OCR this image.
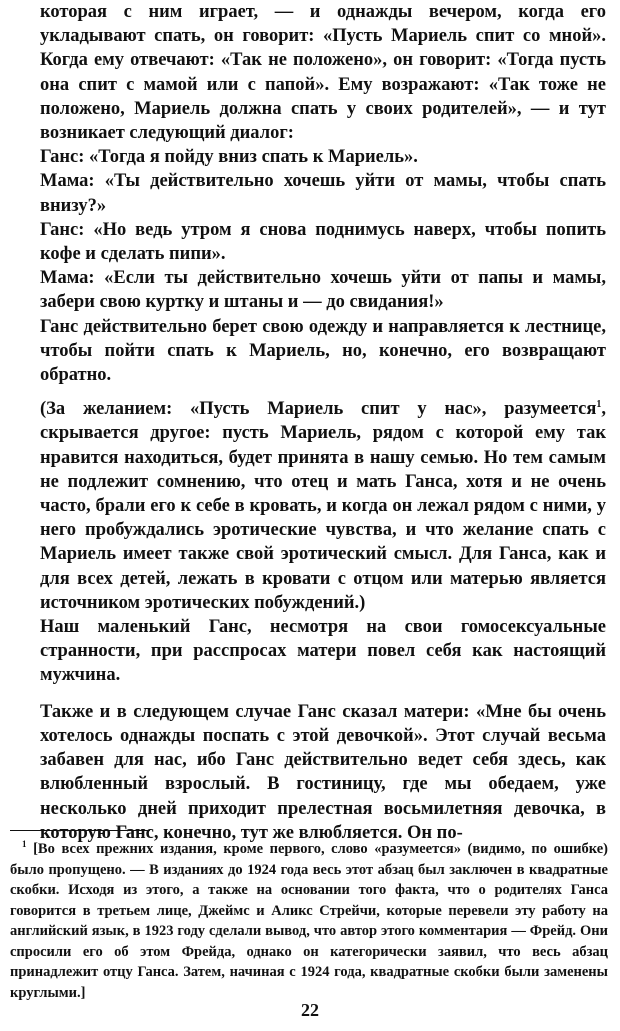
которая с ним играет, — и однажды вечером, когда его укладывают спать, он говорит: «Пусть Мариель спит со мной». Когда ему отвечают: «Так не положено», он говорит: «Тогда пусть она спит с мамой или с папой». Ему возражают: «Так тоже не положено, Мариель должна спать у своих родителей», — и тут возникает следующий диалог:

Ганс: «Тогда я пойду вниз спать к Мариель».

Мама: «Ты действительно хочешь уйти от мамы, чтобы спать внизу?»

Ганс: «Но ведь утром я снова поднимусь наверх, чтобы попить кофе и сделать пипи».

Мама: «Если ты действительно хочешь уйти от папы и мамы, забери свою куртку и штаны и — до свидания!»

Ганс действительно берет свою одежду и направляется к лестнице, чтобы пойти спать к Мариель, но, конечно, его возвращают обратно.

(За желанием: «Пусть Мариель спит у нас», разумеется$^1$, скрывается другое: пусть Мариель, рядом с которой ему так нравится находиться, будет принята в нашу семью. Но тем самым не подлежит сомнению, что отец и мать Ганса, хотя и не очень часто, брали его к себе в кровать, и когда он лежал рядом с ними, у него пробуждались эротические чувства, и что желание спать с Мариель имеет также свой эротический смысл. Для Ганса, как и для всех детей, лежать в кровати с отцом или матерью является источником эротических побуждений.)

Наш маленький Ганс, несмотря на свои гомосексуальные странности, при расспросах матери повел себя как настоящий мужчина.

Также и в следующем случае Ганс сказал матери: «Мне бы очень хотелось однажды поспать с этой девочкой». Этот случай весьма забавен для нас, ибо Ганс действительно ведет себя здесь, как влюбленный взрослый. В гостиницу, где мы обедаем, уже несколько дней приходит прелестная восьмилетняя девочка, в которую Ганс, конечно, тут же влюбляется. Он по-

$^1$ [Во всех прежних издания, кроме первого, слово «разумеется» (видимо, по ошибке) было пропущено. — В изданиях до 1924 года весь этот абзац был заключен в квадратные скобки. Исходя из этого, а также на основании того факта, что о родителях Ганса говорится в третьем лице, Джеймс и Аликс Стрейчи, которые перевели эту работу на английский язык, в 1923 году сделали вывод, что автор этого комментария — Фрейд. Они спросили его об этом Фрейда, однако он категорически заявил, что весь абзац принадлежит отцу Ганса. Затем, начиная с 1924 года, квадратные скобки были заменены круглыми.]
22
